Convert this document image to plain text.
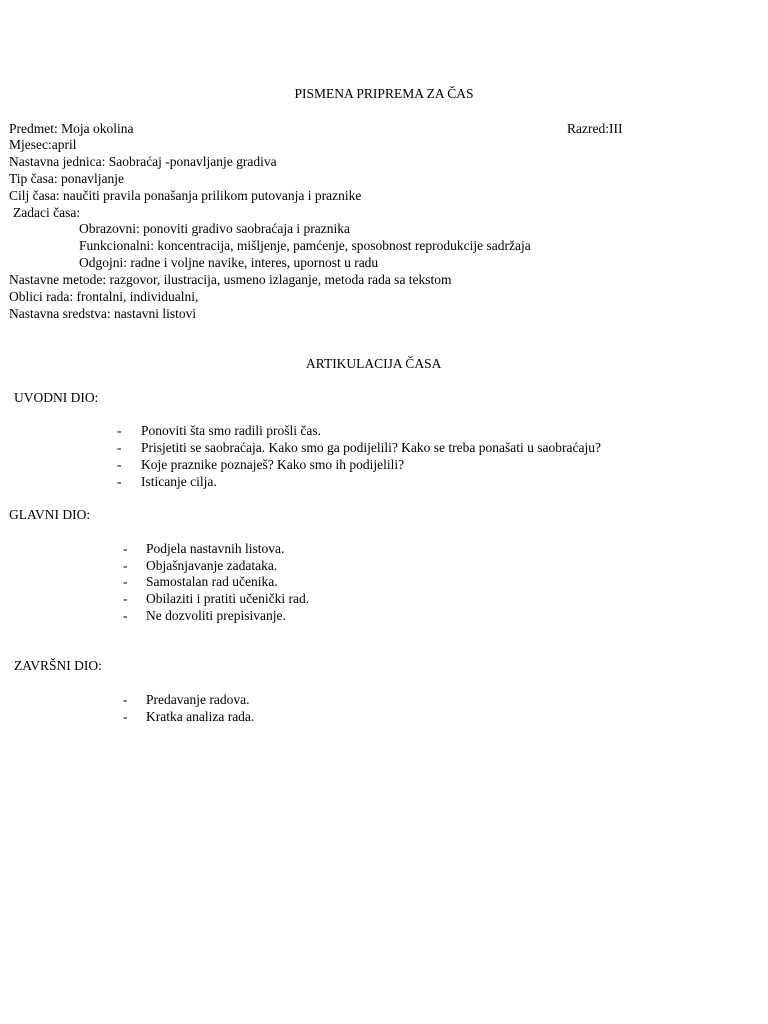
PISMENA PRIPREMA ZA ČAS
Predmet: Moja okolina	Razred:III
Mjesec:april
Nastavna jednica: Saobraćaj -ponavljanje gradiva
Tip časa: ponavljanje
Cilj časa: naučiti pravila ponašanja prilikom putovanja i praznike
Zadaci časa:
Obrazovni: ponoviti gradivo saobraćaja i praznika
Funkcionalni: koncentracija, mišljenje, pamćenje, sposobnost reprodukcije sadržaja
Odgojni: radne i voljne navike, interes, upornost u radu
Nastavne metode: razgovor, ilustracija, usmeno izlaganje, metoda rada sa tekstom
Oblici rada: frontalni, individualni,
Nastavna sredstva: nastavni listovi
ARTIKULACIJA ČASA
UVODNI DIO:
- Ponoviti šta smo radili prošli čas.
- Prisjetiti se saobraćaja. Kako smo ga podijelili? Kako se treba ponašati u saobraćaju?
- Koje praznike poznaješ? Kako smo ih podijelili?
- Isticanje cilja.
GLAVNI DIO:
- Podjela nastavnih listova.
- Objašnjavanje zadataka.
- Samostalan rad učenika.
- Obilaziti i pratiti učenički rad.
- Ne dozvoliti prepisivanje.
ZAVRŠNI DIO:
- Predavanje radova.
- Kratka analiza rada.
